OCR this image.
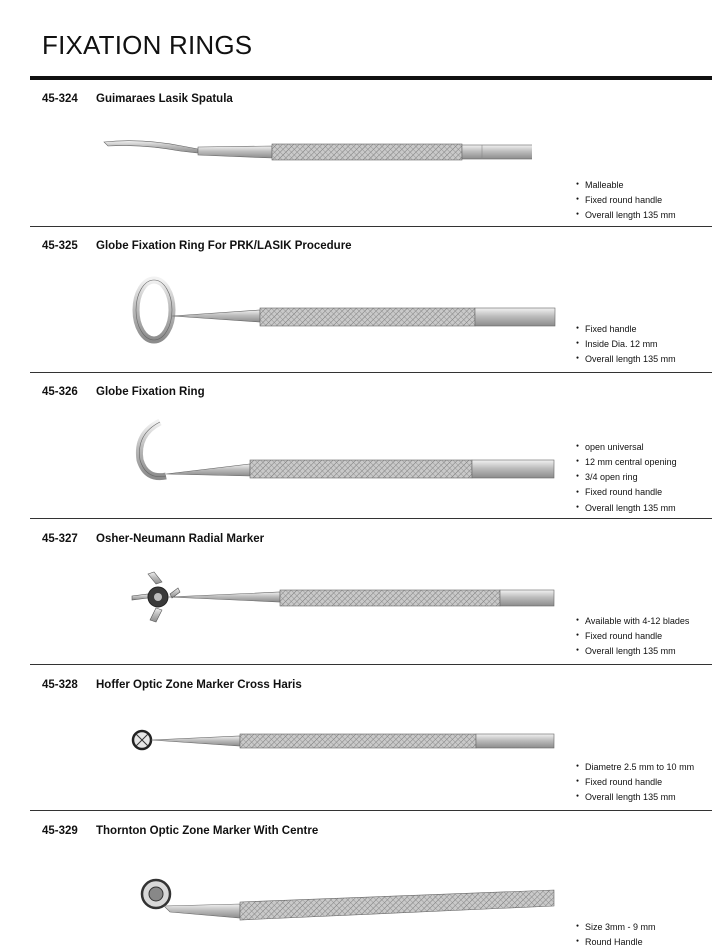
FIXATION RINGS
45-324 Guimaraes Lasik Spatula
● Malleable
● Fixed round handle
● Overall length 135 mm
45-325 Globe Fixation Ring For PRK/LASIK Procedure
● Fixed handle
● Inside Dia. 12 mm
● Overall length 135 mm
45-326 Globe Fixation Ring
● open universal
● 12 mm central opening
● 3/4 open ring
● Fixed round handle
● Overall length 135 mm
45-327 Osher-Neumann Radial Marker
● Available with 4-12 blades
● Fixed round handle
● Overall length 135 mm
45-328 Hoffer Optic Zone Marker Cross Haris
● Diametre 2.5 mm to 10 mm
● Fixed round handle
● Overall length 135 mm
45-329 Thornton Optic Zone Marker With Centre
● Size 3mm - 9 mm
● Round Handle
